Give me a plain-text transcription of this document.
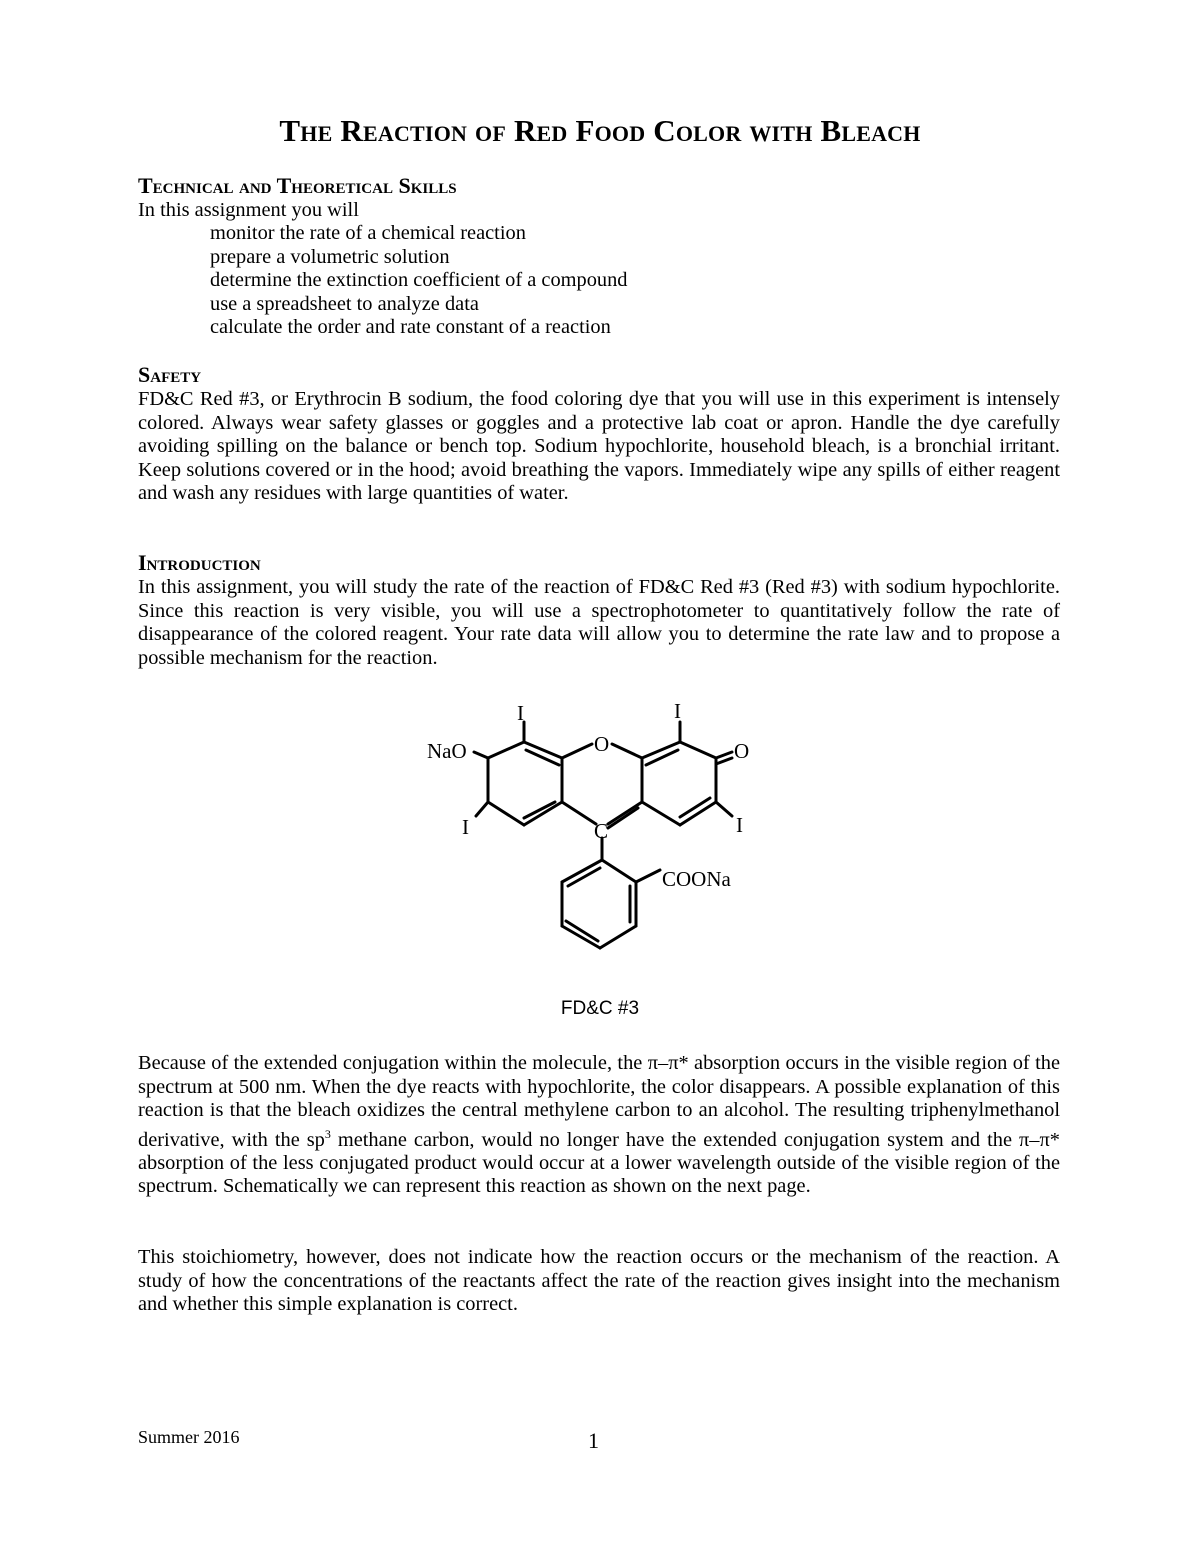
The Reaction of Red Food Color with Bleach
Technical and Theoretical Skills

In this assignment you will

monitor the rate of a chemical reaction
prepare a volumetric solution
determine the extinction coefficient of a compound
use a spreadsheet to analyze data
calculate the order and rate constant of a reaction
Safety

FD&C Red #3, or Erythrocin B sodium, the food coloring dye that you will use in this experiment is intensely colored. Always wear safety glasses or goggles and a protective lab coat or apron. Handle the dye carefully avoiding spilling on the balance or bench top. Sodium hypochlorite, household bleach, is a bronchial irritant. Keep solutions covered or in the hood; avoid breathing the vapors. Immediately wipe any spills of either reagent and wash any residues with large quantities of water.

Introduction

In this assignment, you will study the rate of the reaction of FD&C Red #3 (Red #3) with sodium hypochlorite. Since this reaction is very visible, you will use a spectrophotometer to quantitatively follow the rate of disappearance of the colored reagent. Your rate data will allow you to determine the rate law and to propose a possible mechanism for the reaction.

I	I
O
NaO	O
I	I
C
COONa

FD&C #3

Because of the extended conjugation within the molecule, the π–π* absorption occurs in the visible region of the spectrum at 500 nm. When the dye reacts with hypochlorite, the color disappears. A possible explanation of this reaction is that the bleach oxidizes the central methylene carbon to an alcohol. The resulting triphenylmethanol derivative, with the $sp^3$ methane carbon, would no longer have the extended conjugation system and the π–π* absorption of the less conjugated product would occur at a lower wavelength outside of the visible region of the spectrum. Schematically we can represent this reaction as shown on the next page.

This stoichiometry, however, does not indicate how the reaction occurs or the mechanism of the reaction. A study of how the concentrations of the reactants affect the rate of the reaction gives insight into the mechanism and whether this simple explanation is correct.

Summer 2016	1
